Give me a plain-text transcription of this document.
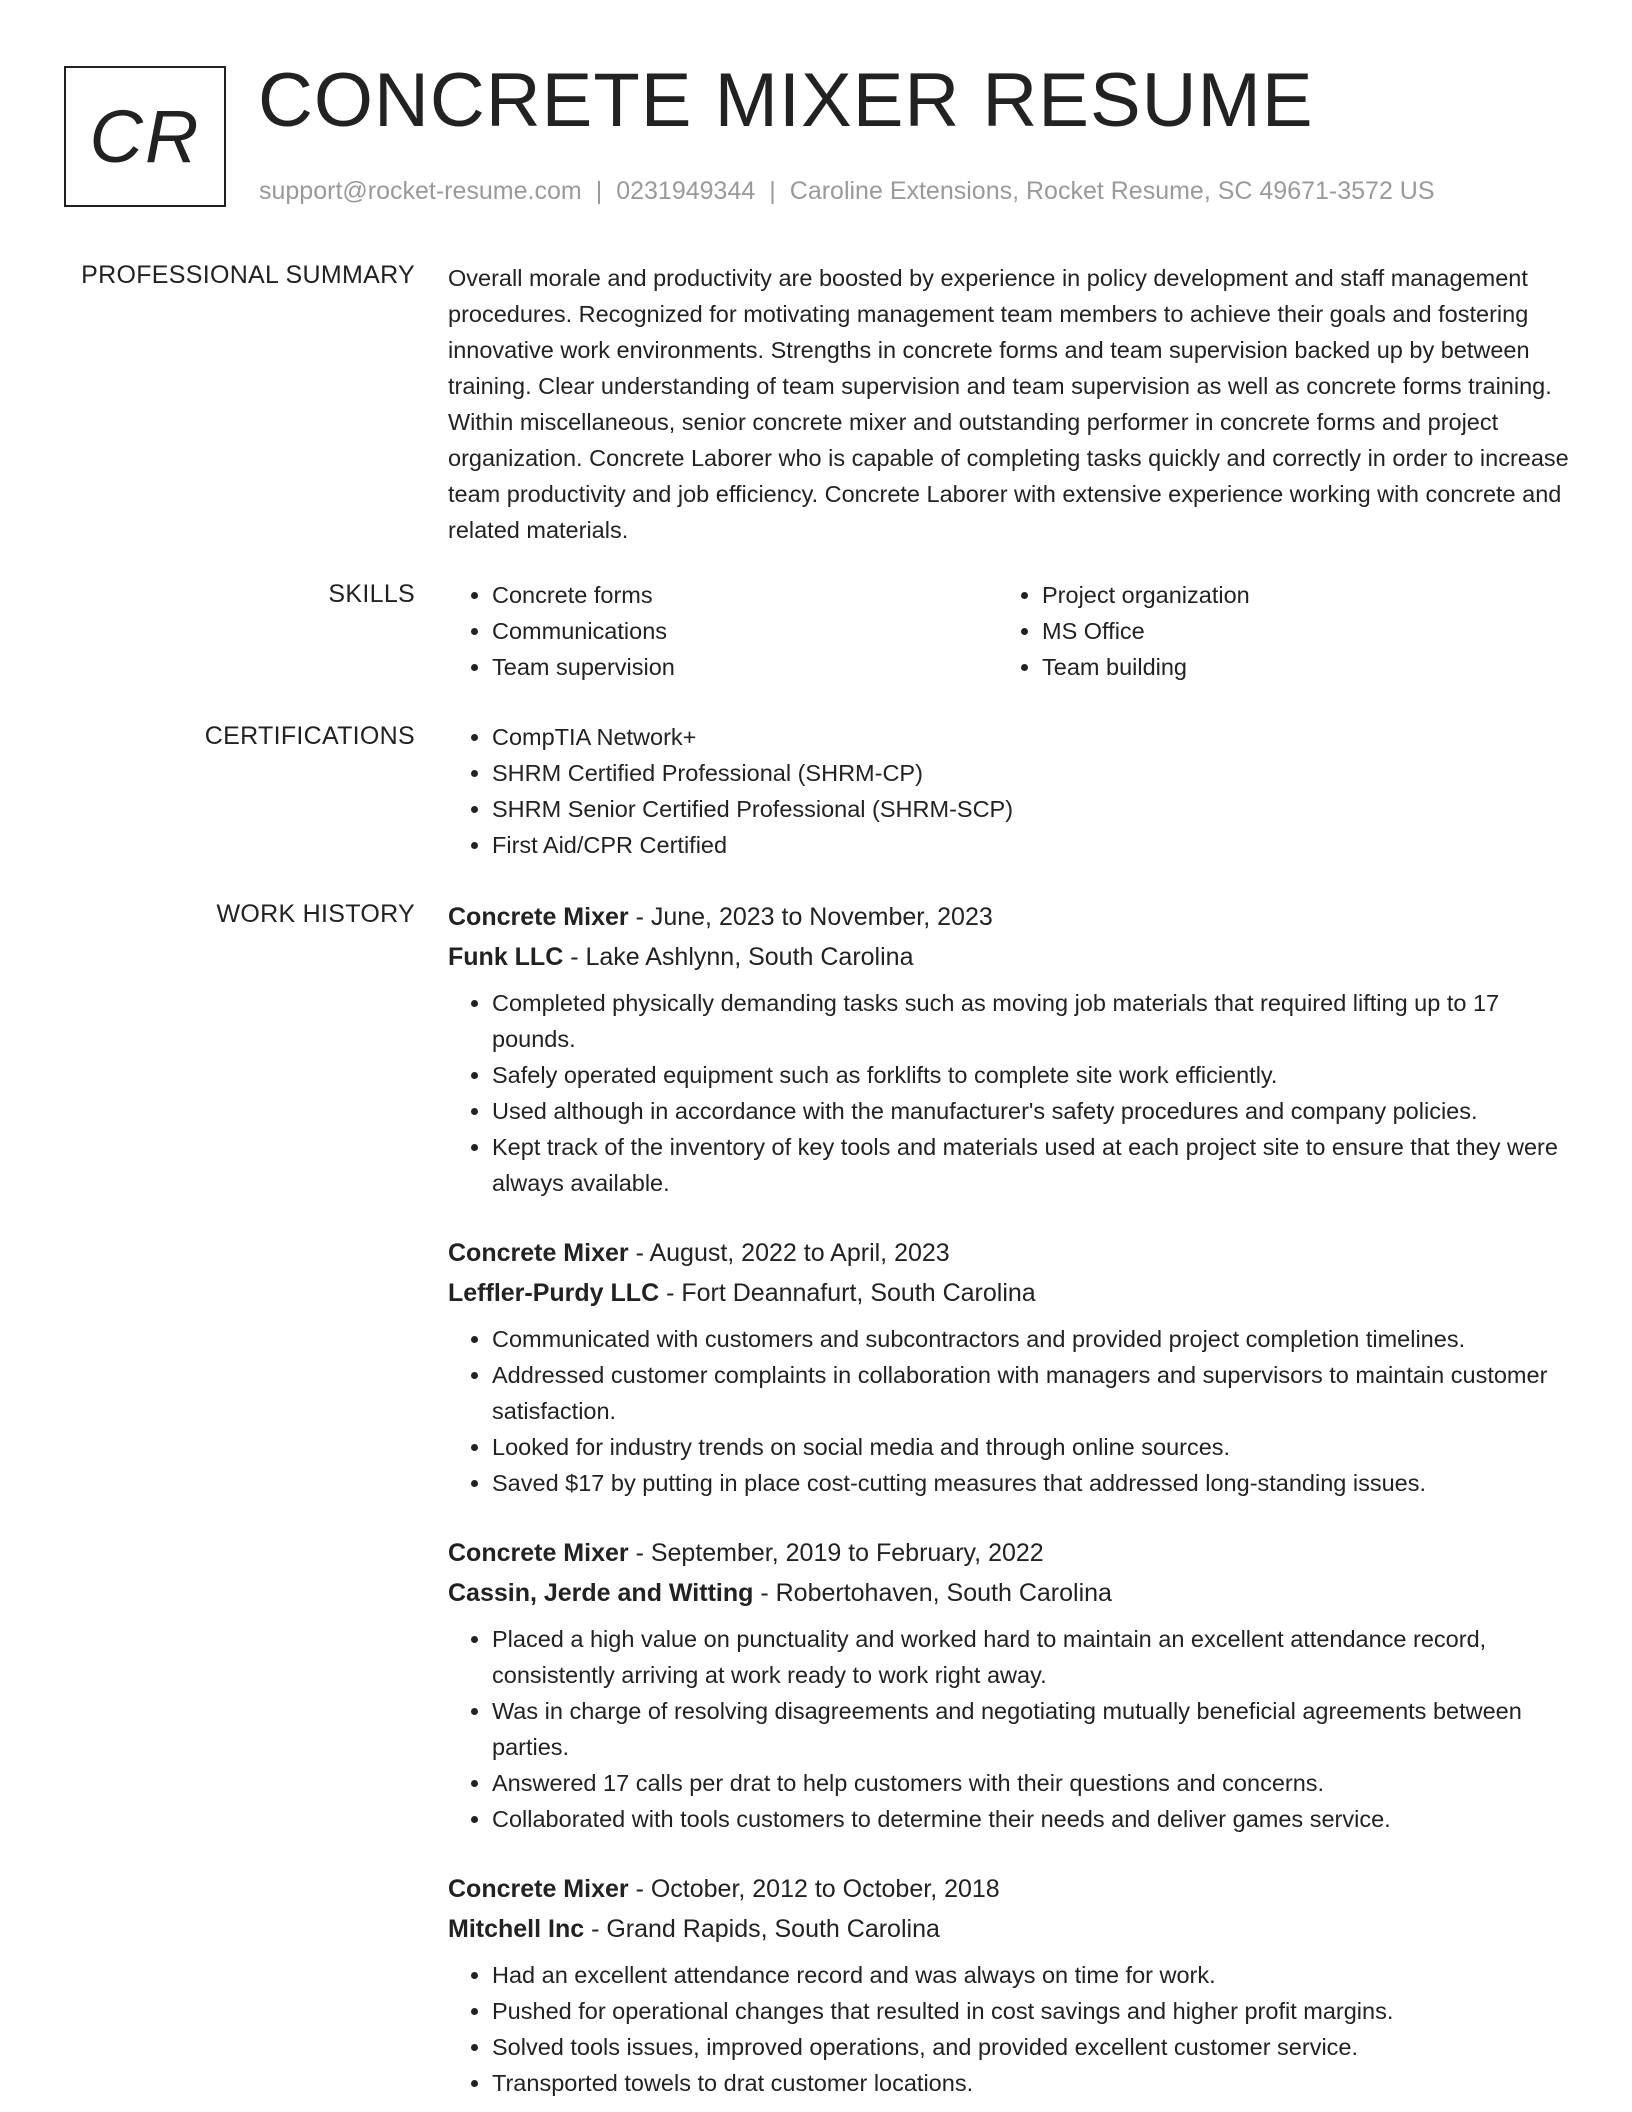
CR CONCRETE MIXER RESUME
support@rocket-resume.com | 0231949344 | Caroline Extensions, Rocket Resume, SC 49671-3572 US
PROFESSIONAL SUMMARY Overall morale and productivity are boosted by experience in policy development and staff management procedures. Recognized for motivating management team members to achieve their goals and fostering innovative work environments. Strengths in concrete forms and team supervision backed up by between training. Clear understanding of team supervision and team supervision as well as concrete forms training. Within miscellaneous, senior concrete mixer and outstanding performer in concrete forms and project organization. Concrete Laborer who is capable of completing tasks quickly and correctly in order to increase team productivity and job efficiency. Concrete Laborer with extensive experience working with concrete and related materials.
SKILLS	• Concrete forms
• Communications
• Team supervision
• Project organization
• MS Office
• Team building
CERTIFICATIONS	• CompTIA Network+
• SHRM Certified Professional (SHRM-CP)
• SHRM Senior Certified Professional (SHRM-SCP)
• First Aid/CPR Certified
WORK HISTORY Concrete Mixer - June, 2023 to November, 2023
Funk LLC - Lake Ashlynn, South Carolina
• Completed physically demanding tasks such as moving job materials that required lifting up to 17 pounds.
• Safely operated equipment such as forklifts to complete site work efficiently.
• Used although in accordance with the manufacturer's safety procedures and company policies.
• Kept track of the inventory of key tools and materials used at each project site to ensure that they were always available.
Concrete Mixer - August, 2022 to April, 2023
Leffler-Purdy LLC - Fort Deannafurt, South Carolina
• Communicated with customers and subcontractors and provided project completion timelines.
• Addressed customer complaints in collaboration with managers and supervisors to maintain customer satisfaction.
• Looked for industry trends on social media and through online sources.
• Saved $17 by putting in place cost-cutting measures that addressed long-standing issues.
Concrete Mixer - September, 2019 to February, 2022
Cassin, Jerde and Witting - Robertohaven, South Carolina
• Placed a high value on punctuality and worked hard to maintain an excellent attendance record, consistently arriving at work ready to work right away.
• Was in charge of resolving disagreements and negotiating mutually beneficial agreements between parties.
• Answered 17 calls per drat to help customers with their questions and concerns.
• Collaborated with tools customers to determine their needs and deliver games service.
Concrete Mixer - October, 2012 to October, 2018
Mitchell Inc - Grand Rapids, South Carolina
• Had an excellent attendance record and was always on time for work.
• Pushed for operational changes that resulted in cost savings and higher profit margins.
• Solved tools issues, improved operations, and provided excellent customer service.
• Transported towels to drat customer locations.
